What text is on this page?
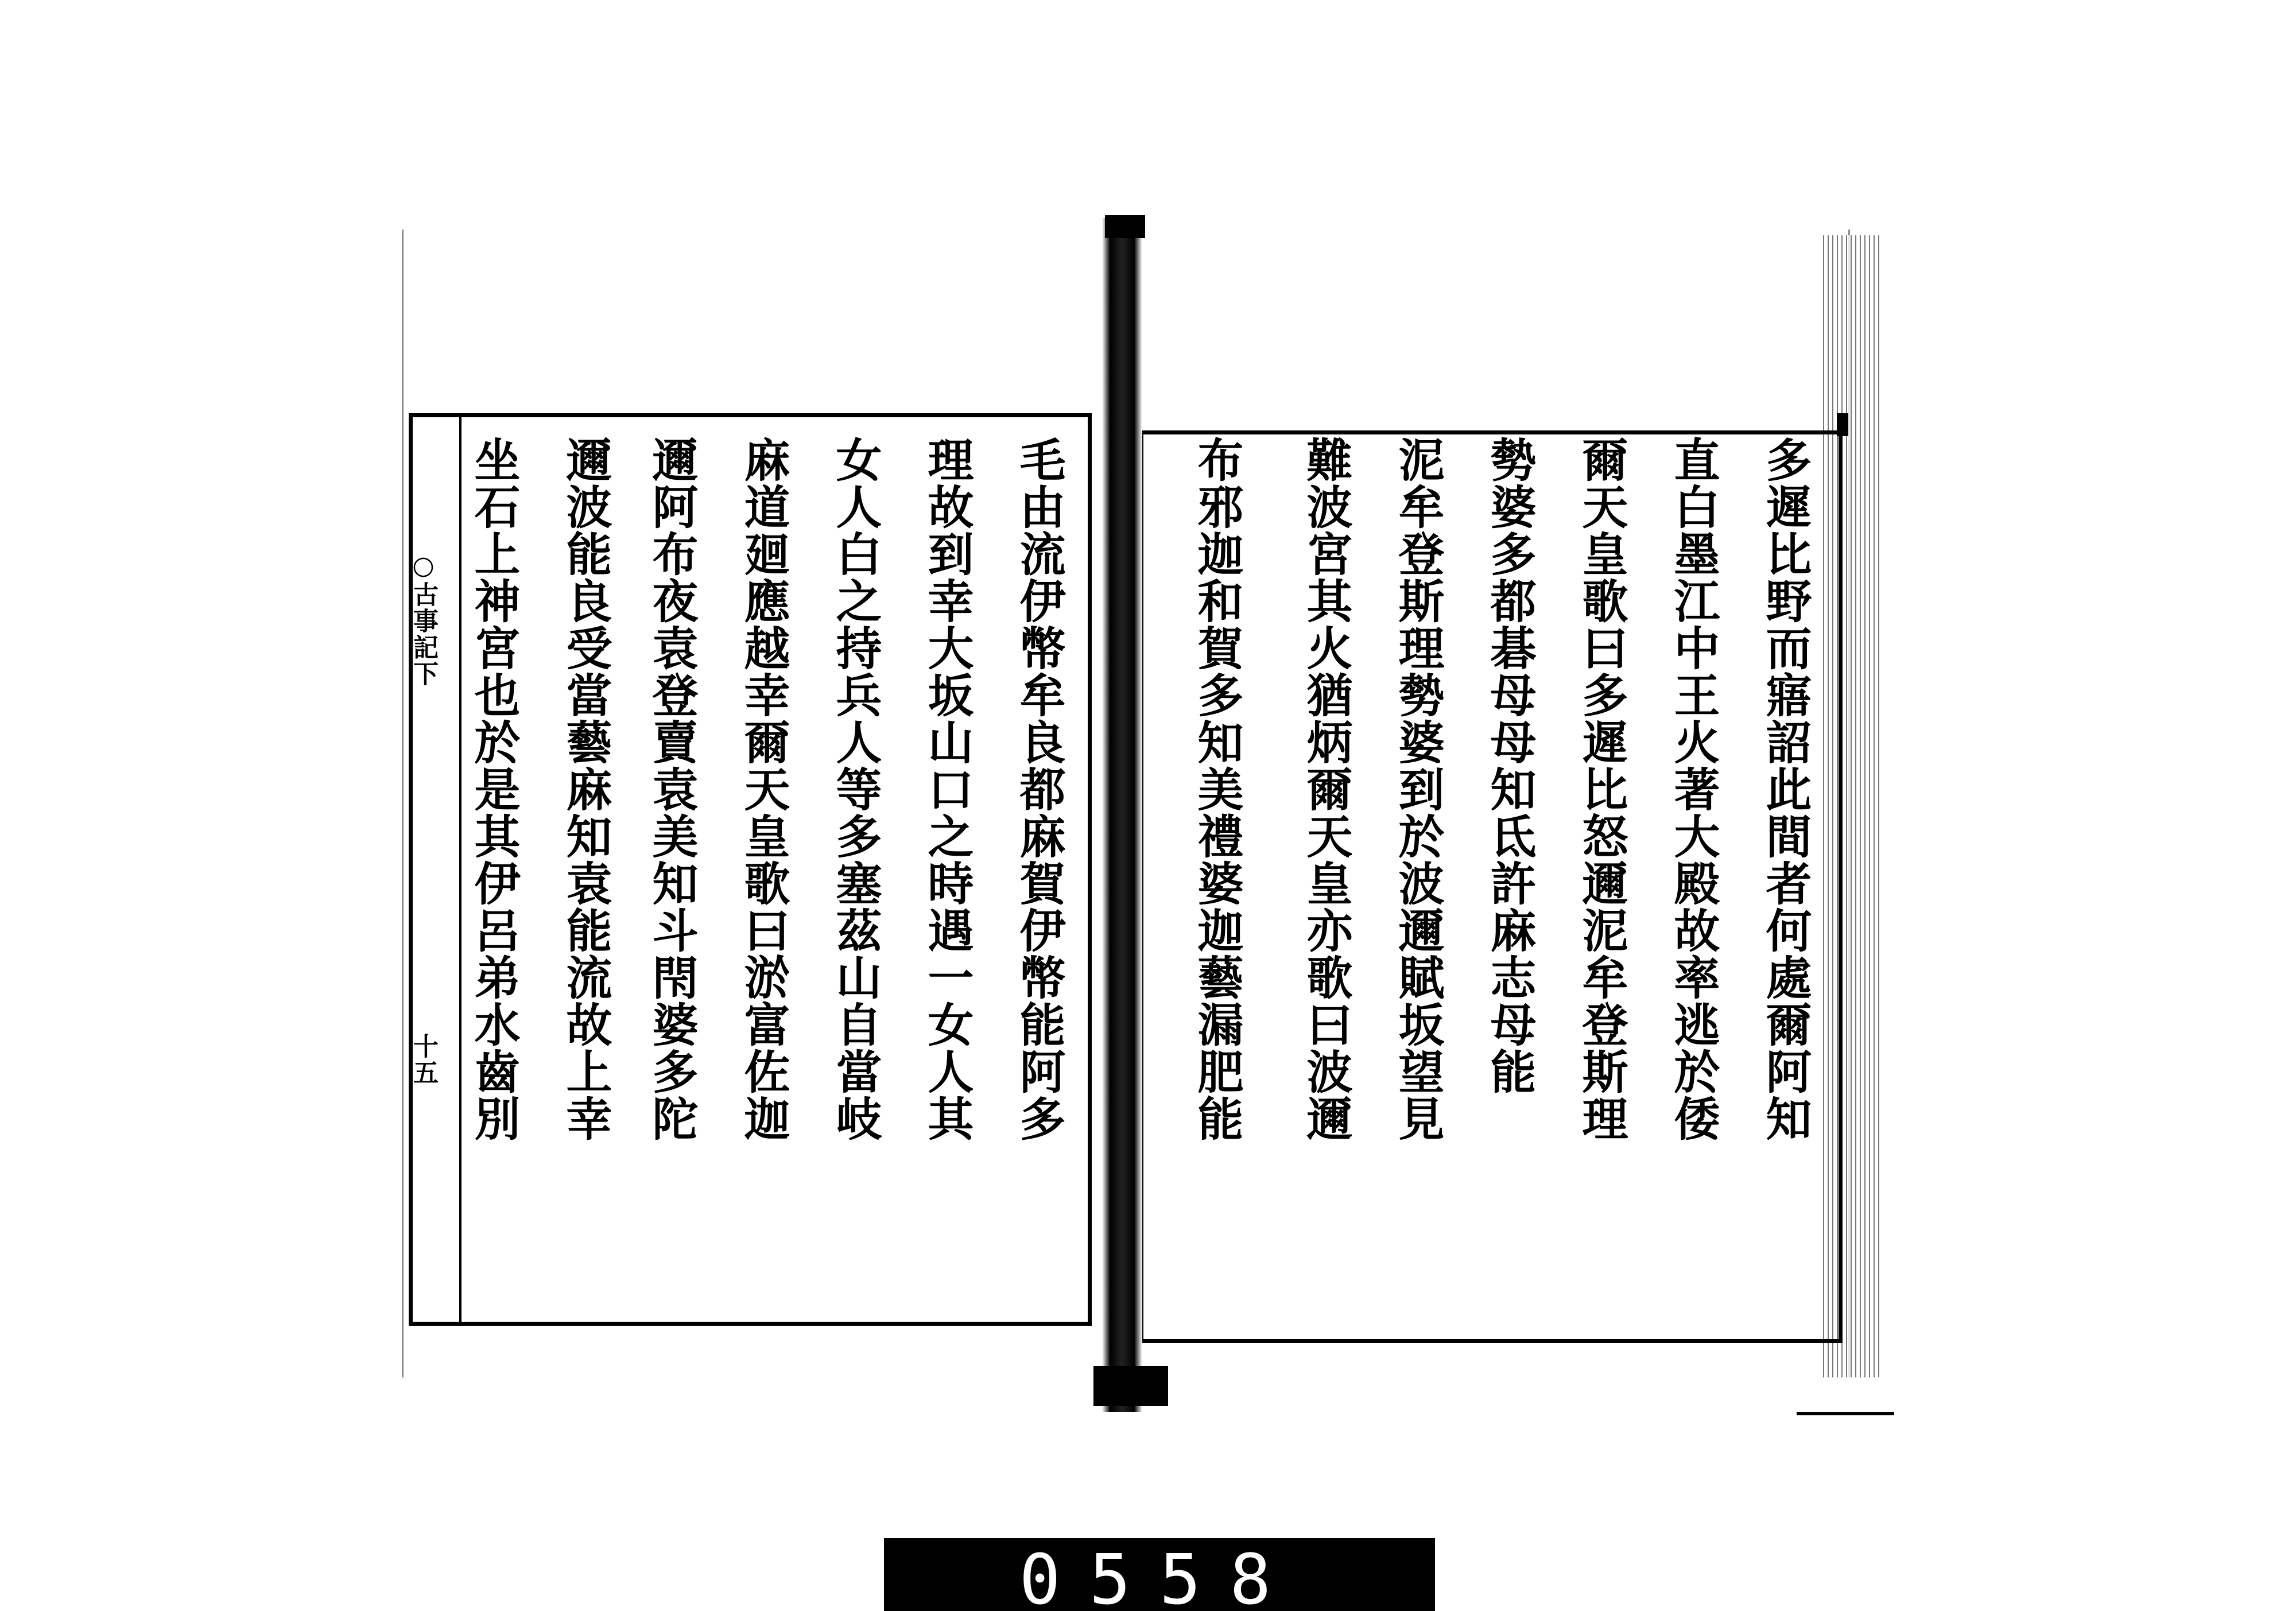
○古事記下
十五	多遲比野而寤詔此間者何處爾阿知
直白墨江中王火著大殿故率逃於倭
爾天皇歌曰多遲比怒邇泥牟登斯理
勢婆多都碁母母知氐許麻志母能
泥牟登斯理勢婆到於波邇賦坂望見
難波宮其火猶炳爾天皇亦歌曰波邇
布邪迦和賀多知美禮婆迦藝漏肥能
毛由流伊幣牟良都麻賀伊幣能阿多
理故到幸大坂山口之時遇一女人其
女人白之持兵人等多塞茲山自當岐
麻道廻應越幸爾天皇歌曰淤富佐迦
邇阿布夜袁登賣袁美知斗閇婆多陀
邇波能良受當藝麻知袁能流故上幸
坐石上神宮也於是其伊呂弟水齒別
0558
